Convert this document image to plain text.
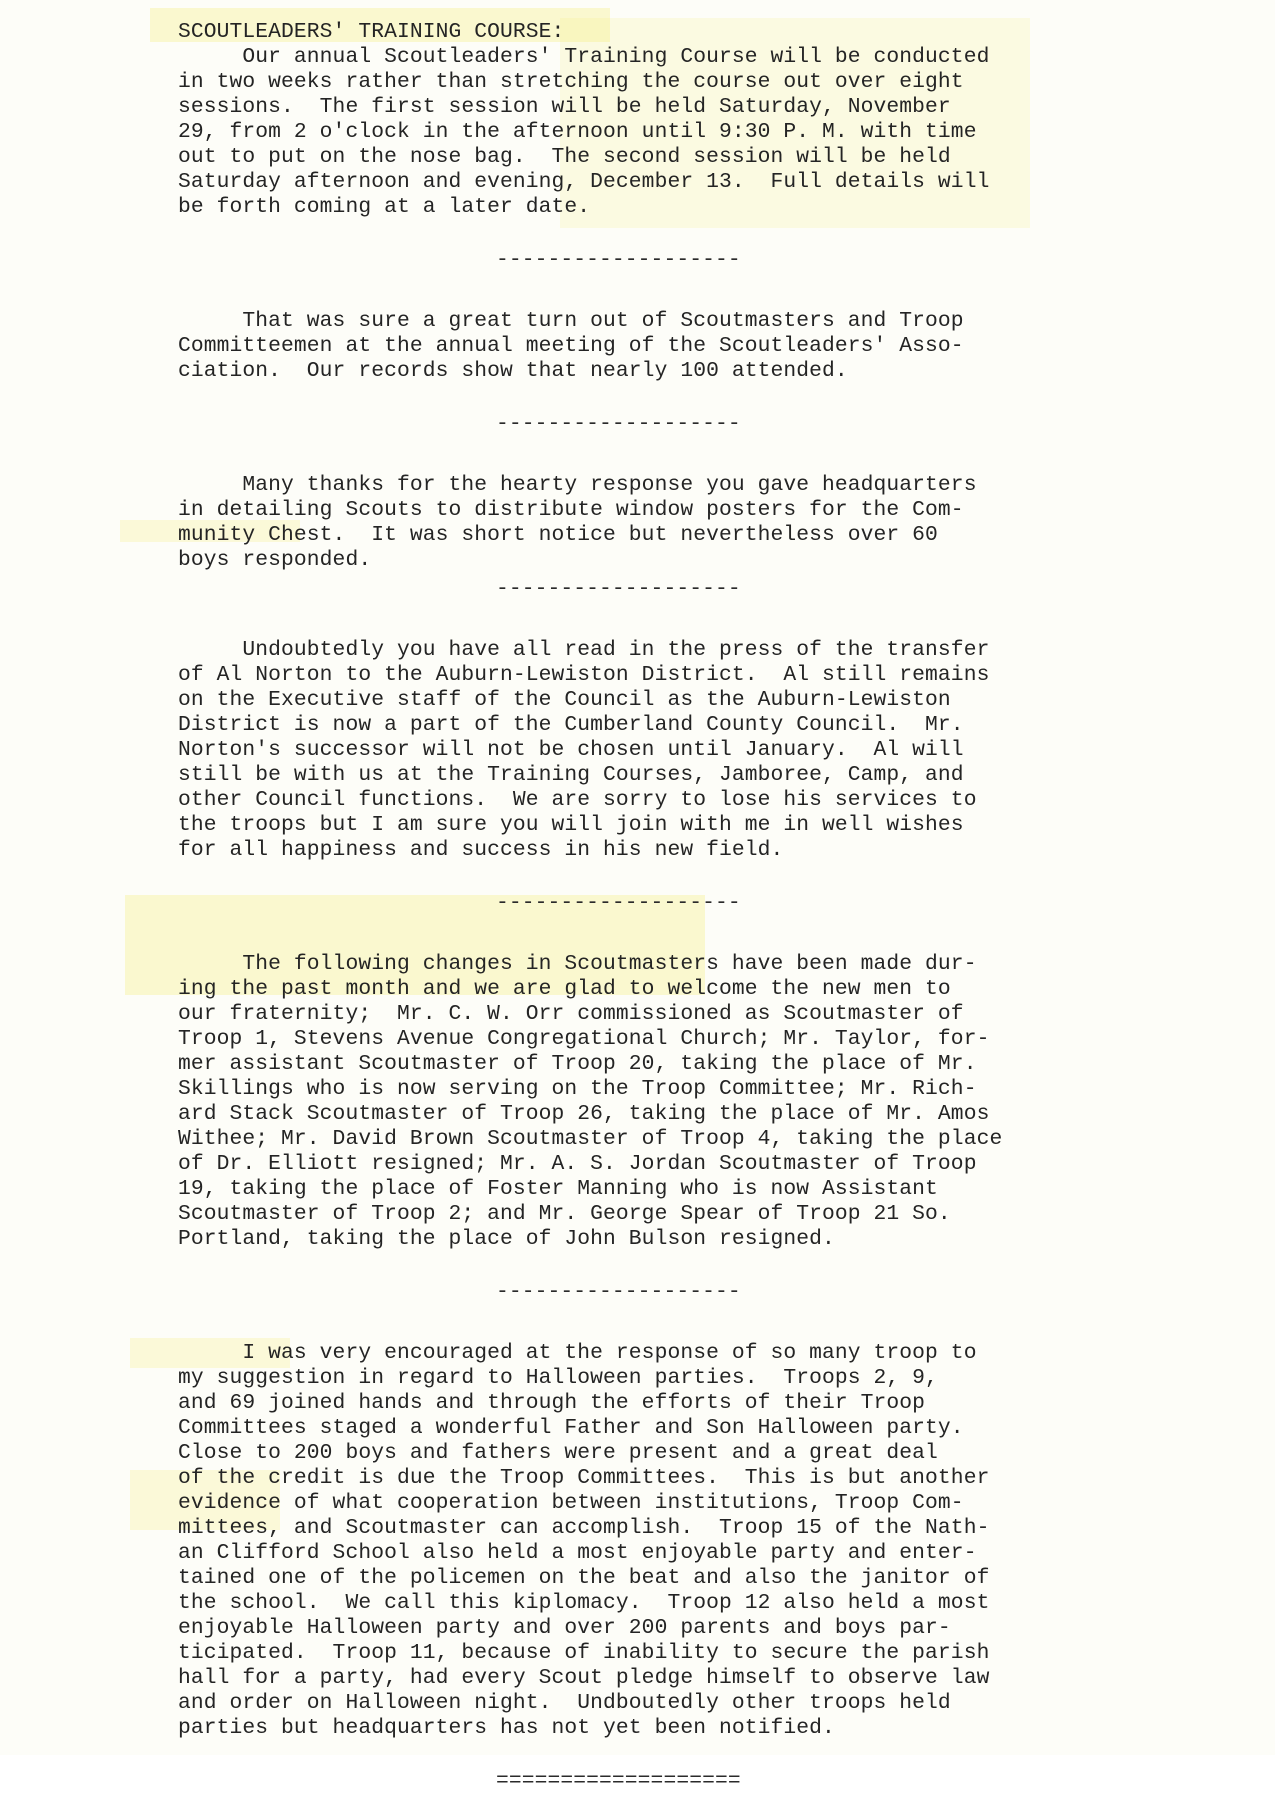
SCOUTLEADERS' TRAINING COURSE:

Our annual Scoutleaders' Training Course will be conducted
in two weeks rather than stretching the course out over eight
sessions.  The first session will be held Saturday, November
29, from 2 o'clock in the afternoon until 9:30 P. M. with time
out to put on the nose bag.  The second session will be held
Saturday afternoon and evening, December 13.  Full details will
be forth coming at a later date.

-------------------

That was sure a great turn out of Scoutmasters and Troop
Committeemen at the annual meeting of the Scoutleaders' Asso-
ciation.  Our records show that nearly 100 attended.

-------------------

Many thanks for the hearty response you gave headquarters
in detailing Scouts to distribute window posters for the Com-
munity Chest.  It was short notice but nevertheless over 60
boys responded.

-------------------

Undoubtedly you have all read in the press of the transfer
of Al Norton to the Auburn-Lewiston District.  Al still remains
on the Executive staff of the Council as the Auburn-Lewiston
District is now a part of the Cumberland County Council.  Mr.
Norton's successor will not be chosen until January.  Al will
still be with us at the Training Courses, Jamboree, Camp, and
other Council functions.  We are sorry to lose his services to
the troops but I am sure you will join with me in well wishes
for all happiness and success in his new field.

-------------------

The following changes in Scoutmasters have been made dur-
ing the past month and we are glad to welcome the new men to
our fraternity;  Mr. C. W. Orr commissioned as Scoutmaster of
Troop 1, Stevens Avenue Congregational Church; Mr. Taylor, for-
mer assistant Scoutmaster of Troop 20, taking the place of Mr.
Skillings who is now serving on the Troop Committee; Mr. Rich-
ard Stack Scoutmaster of Troop 26, taking the place of Mr. Amos
Withee; Mr. David Brown Scoutmaster of Troop 4, taking the place
of Dr. Elliott resigned; Mr. A. S. Jordan Scoutmaster of Troop
19, taking the place of Foster Manning who is now Assistant
Scoutmaster of Troop 2; and Mr. George Spear of Troop 21 So.
Portland, taking the place of John Bulson resigned.

-------------------

I was very encouraged at the response of so many troop to
my suggestion in regard to Halloween parties.  Troops 2, 9,
and 69 joined hands and through the efforts of their Troop
Committees staged a wonderful Father and Son Halloween party.
Close to 200 boys and fathers were present and a great deal
of the credit is due the Troop Committees.  This is but another
evidence of what cooperation between institutions, Troop Com-
mittees, and Scoutmaster can accomplish.  Troop 15 of the Nath-
an Clifford School also held a most enjoyable party and enter-
tained one of the policemen on the beat and also the janitor of
the school.  We call this kiplomacy.  Troop 12 also held a most
enjoyable Halloween party and over 200 parents and boys par-
ticipated.  Troop 11, because of inability to secure the parish
hall for a party, had every Scout pledge himself to observe law
and order on Halloween night.  Undboutedly other troops held
parties but headquarters has not yet been notified.

===================
